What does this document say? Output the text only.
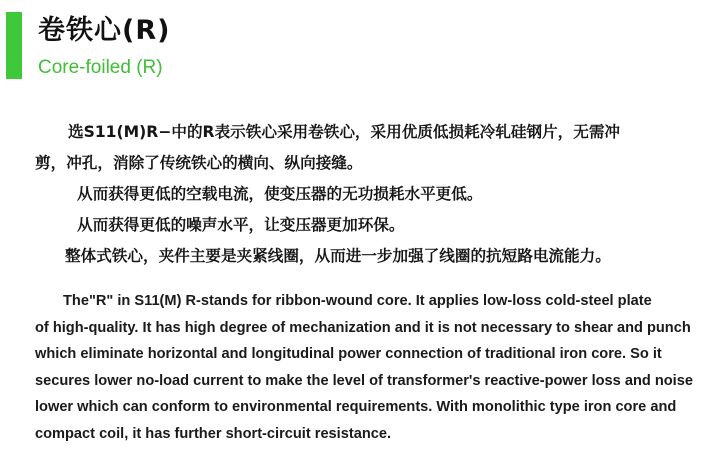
卷铁心(R)
Core-foiled (R)

选S11(M)R−中的R表示铁心采用卷铁心，采用优质低损耗冷轧硅钢片，无需冲

剪，冲孔，消除了传统铁心的横向、纵向接缝。

从而获得更低的空载电流，使变压器的无功损耗水平更低。

从而获得更低的噪声水平，让变压器更加环保。

整体式铁心，夹件主要是夹紧线圈，从而进一步加强了线圈的抗短路电流能力。

The"R" in S11(M) R-stands for ribbon-wound core. It applies low-loss cold-steel plate
of high-quality. It has high degree of mechanization and it is not necessary to shear and punch
which eliminate horizontal and longitudinal power connection of traditional iron core. So it
secures lower no-load current to make the level of transformer's reactive-power loss and noise
lower which can conform to environmental requirements. With monolithic type iron core and
compact coil, it has further short-circuit resistance.
